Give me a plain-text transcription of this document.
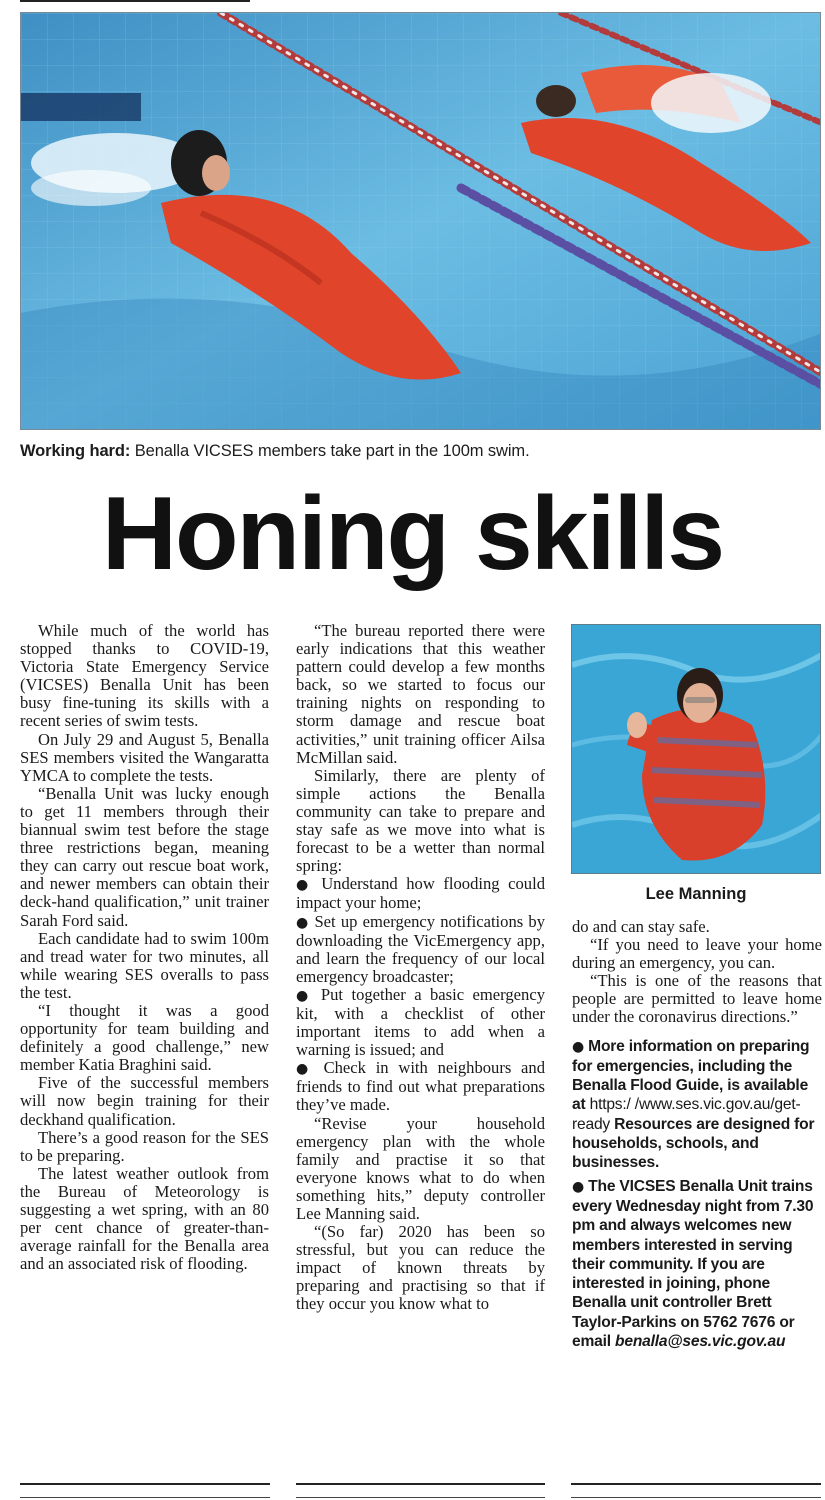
Working hard: Benalla VICSES members take part in the 100m swim.
Honing skills

While much of the world has stopped thanks to COVID-19, Victoria State Emergency Service (VICSES) Benalla Unit has been busy fine-tuning its skills with a recent series of swim tests.

On July 29 and August 5, Benalla SES members visited the Wangaratta YMCA to complete the tests.

“Benalla Unit was lucky enough to get 11 members through their biannual swim test before the stage three restrictions began, meaning they can carry out rescue boat work, and newer members can obtain their deck-hand qualification,” unit trainer Sarah Ford said.

Each candidate had to swim 100m and tread water for two minutes, all while wearing SES overalls to pass the test.

“I thought it was a good opportunity for team building and definitely a good challenge,” new member Katia Braghini said.

Five of the successful members will now begin training for their deckhand qualification.

There’s a good reason for the SES to be preparing.

The latest weather outlook from the Bureau of Meteorology is suggesting a wet spring, with an 80 per cent chance of greater-than-average rainfall for the Benalla area and an associated risk of flooding.

“The bureau reported there were early indications that this weather pattern could develop a few months back, so we started to focus our training nights on responding to storm damage and rescue boat activities,” unit training officer Ailsa McMillan said.

Similarly, there are plenty of simple actions the Benalla community can take to prepare and stay safe as we move into what is forecast to be a wetter than normal spring:

● Understand how flooding could impact your home;

● Set up emergency notifications by downloading the VicEmergency app, and learn the frequency of our local emergency broadcaster;

● Put together a basic emergency kit, with a checklist of other important items to add when a warning is issued; and

● Check in with neighbours and friends to find out what preparations they’ve made.

“Revise your household emergency plan with the whole family and practise it so that everyone knows what to do when something hits,” deputy controller Lee Manning said.

“(So far) 2020 has been so stressful, but you can reduce the impact of known threats by preparing and practising so that if they occur you know what to

Lee Manning

do and can stay safe.

“If you need to leave your home during an emergency, you can.

“This is one of the reasons that people are permitted to leave home under the coronavirus directions.”

● More information on preparing for emergencies, including the Benalla Flood Guide, is available at https:/ /www.ses.vic.gov.au/get-ready Resources are designed for households, schools, and businesses.

● The VICSES Benalla Unit trains every Wednesday night from 7.30 pm and always welcomes new members interested in serving their community. If you are interested in joining, phone Benalla unit controller Brett Taylor-Parkins on 5762 7676 or email benalla@ses.vic.gov.au
